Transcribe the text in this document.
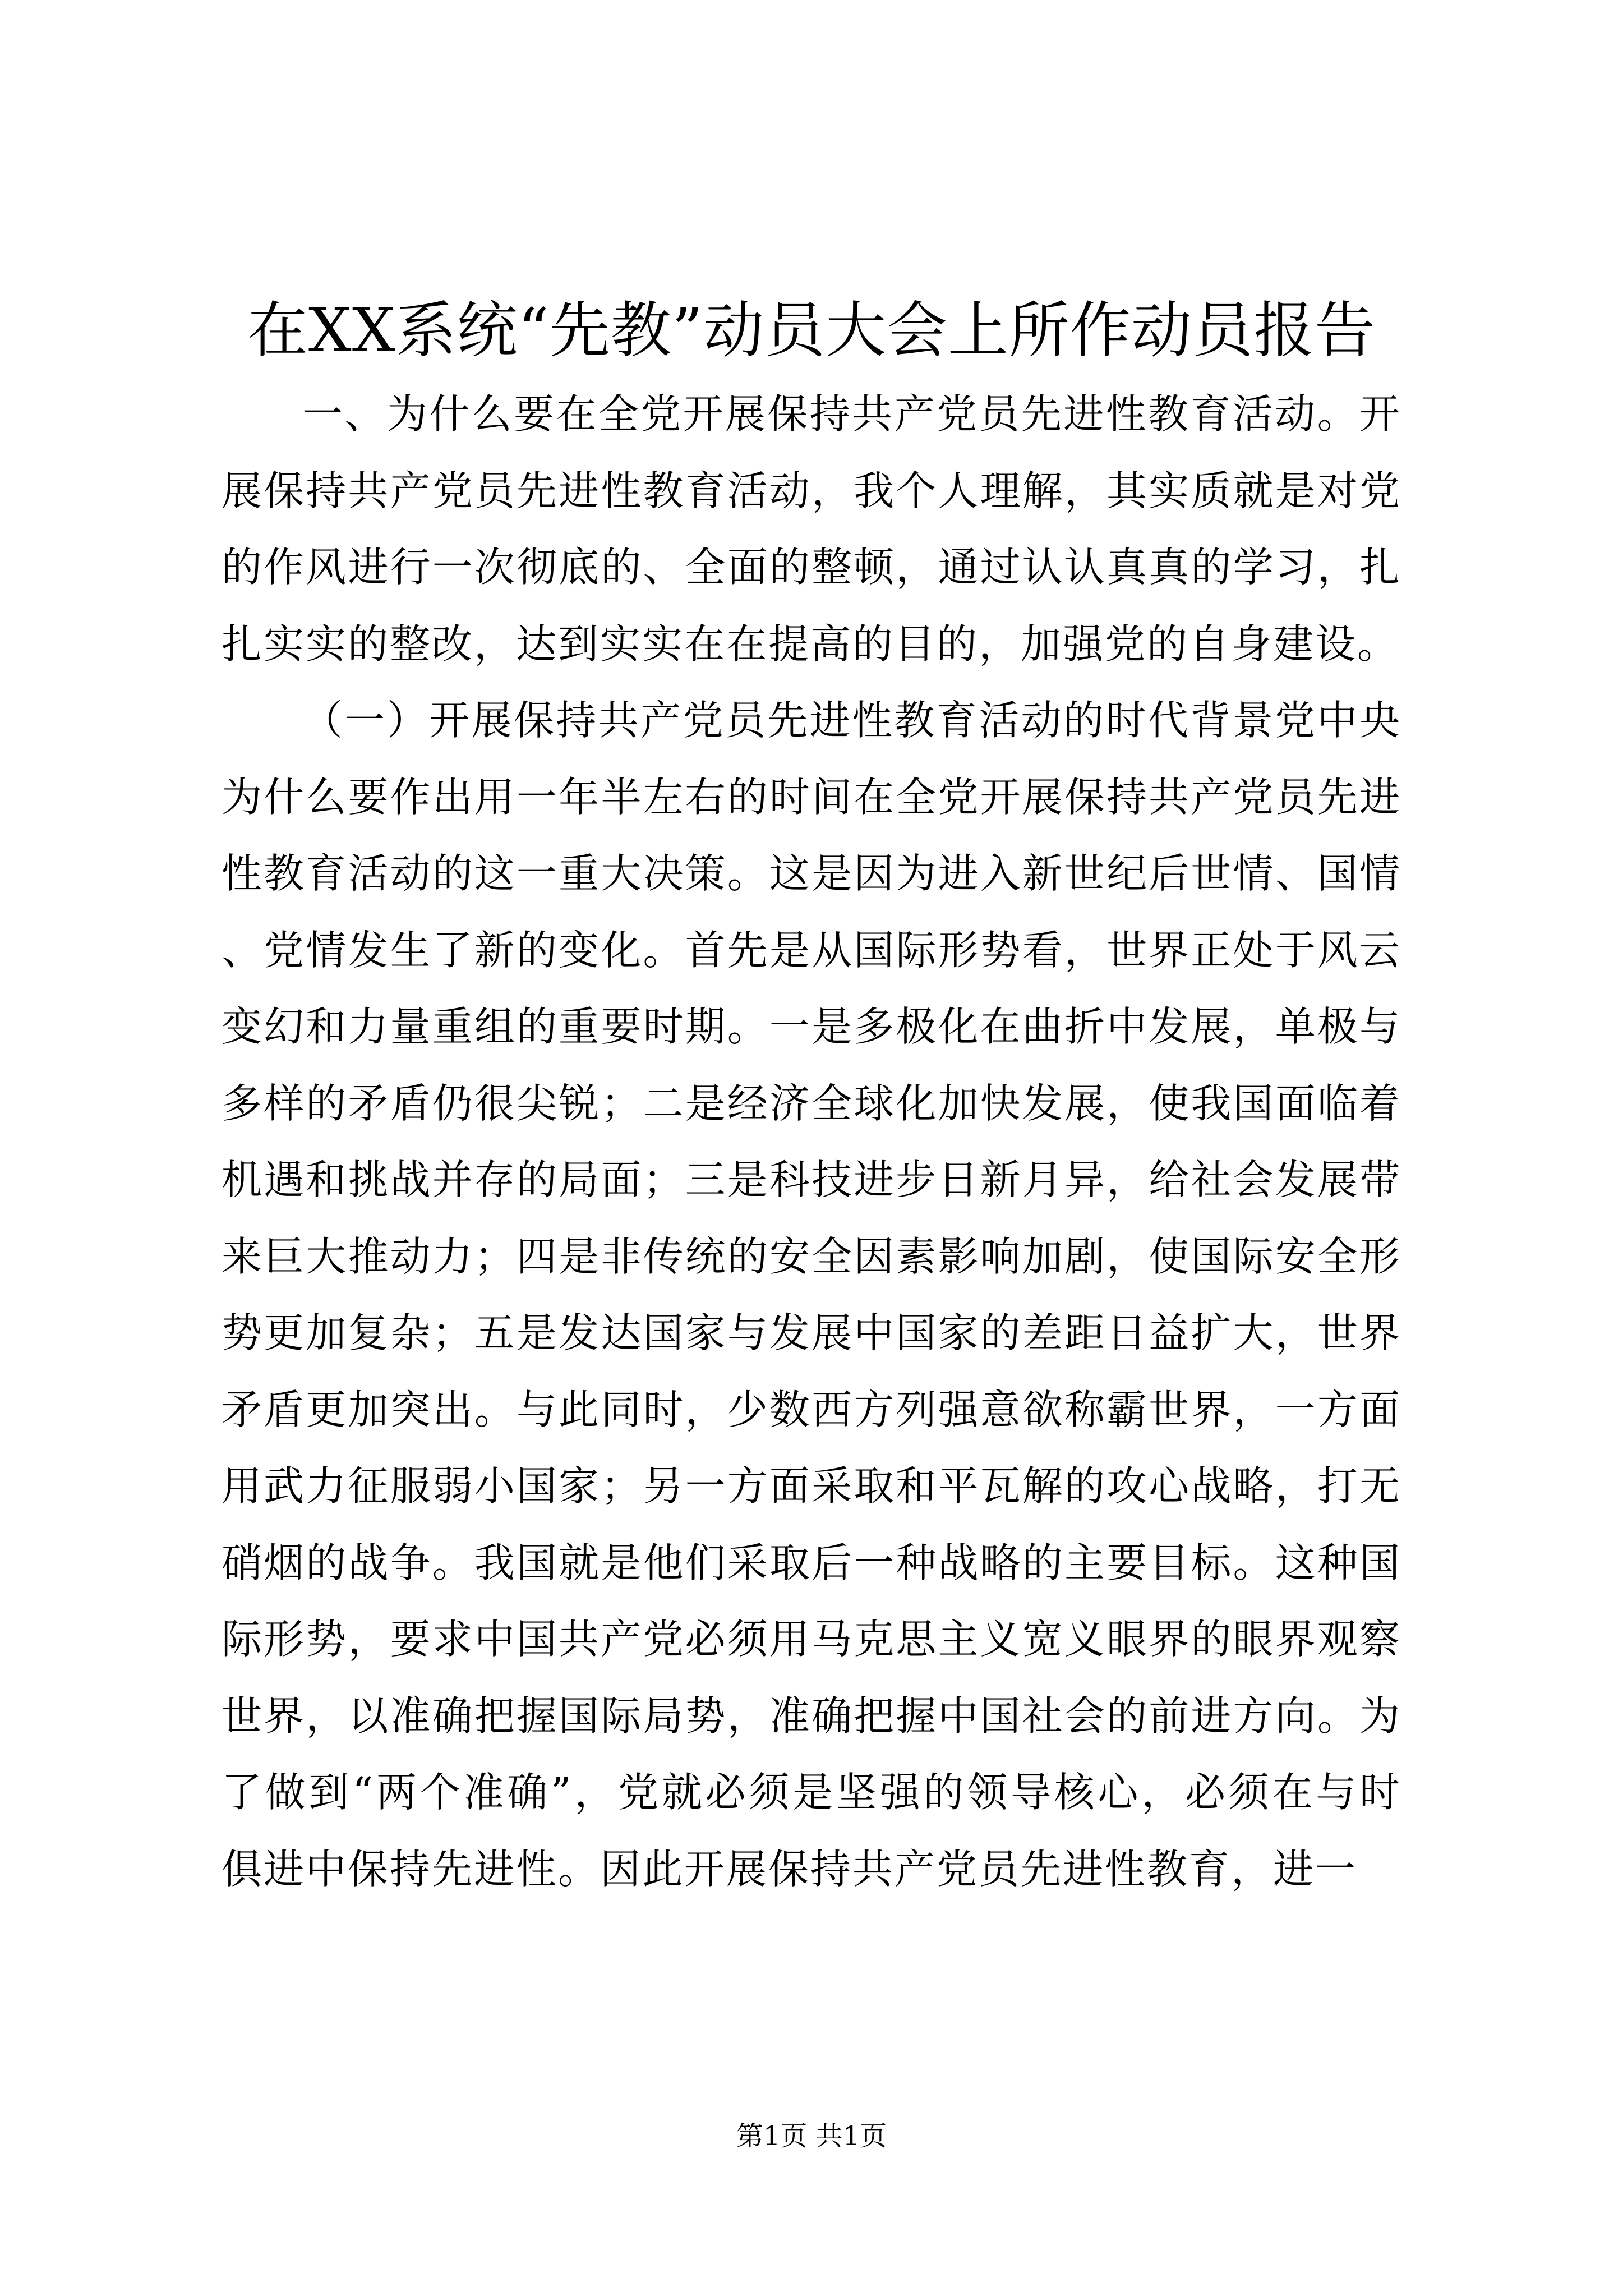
在XX系统“先教”动员大会上所作动员报告

一、为什么要在全党开展保持共产党员先进性教育活动。开展保持共产党员先进性教育活动，我个人理解，其实质就是对党的作风进行一次彻底的、全面的整顿，通过认认真真的学习，扎扎实实的整改，达到实实在在提高的目的，加强党的自身建设。

（一）开展保持共产党员先进性教育活动的时代背景党中央为什么要作出用一年半左右的时间在全党开展保持共产党员先进性教育活动的这一重大决策。这是因为进入新世纪后世情、国情、党情发生了新的变化。首先是从国际形势看，世界正处于风云变幻和力量重组的重要时期。一是多极化在曲折中发展，单极与多样的矛盾仍很尖锐；二是经济全球化加快发展，使我国面临着机遇和挑战并存的局面；三是科技进步日新月异，给社会发展带来巨大推动力；四是非传统的安全因素影响加剧，使国际安全形势更加复杂；五是发达国家与发展中国家的差距日益扩大，世界矛盾更加突出。与此同时，少数西方列强意欲称霸世界，一方面用武力征服弱小国家；另一方面采取和平瓦解的攻心战略，打无硝烟的战争。我国就是他们采取后一种战略的主要目标。这种国际形势，要求中国共产党必须用马克思主义宽义眼界的眼界观察世界，以准确把握国际局势，准确把握中国社会的前进方向。为了做到“两个准确”，党就必须是坚强的领导核心，必须在与时俱进中保持先进性。因此开展保持共产党员先进性教育，进一

第1页 共1页
